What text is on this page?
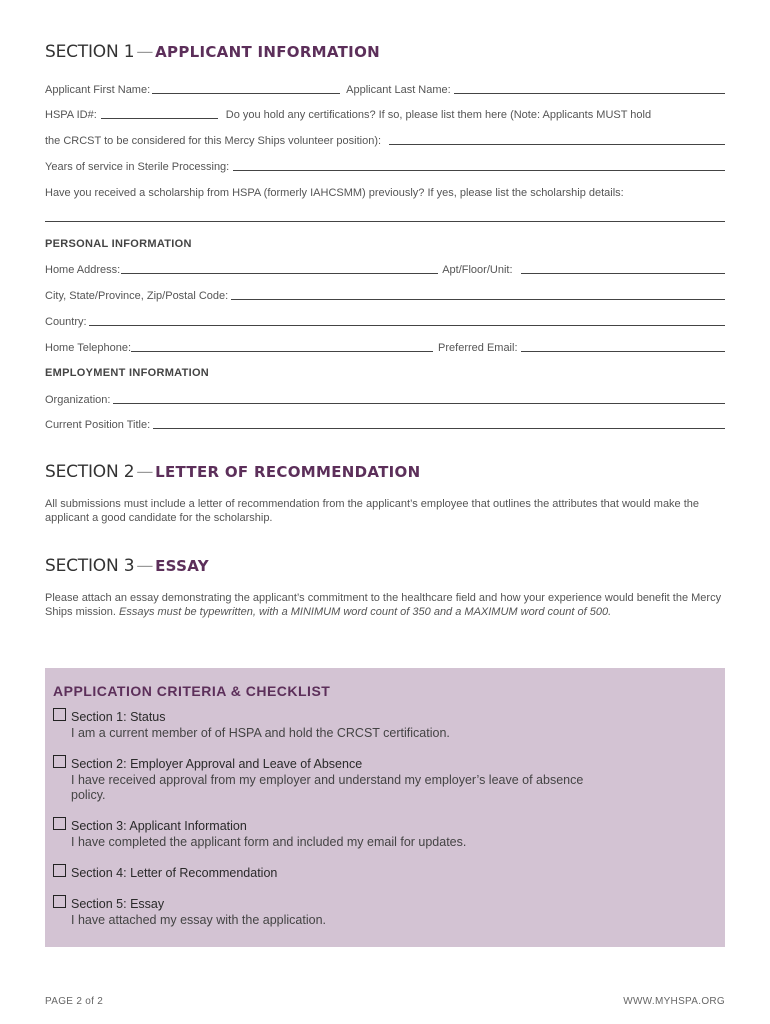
SECTION 1 — APPLICANT INFORMATION
Applicant First Name:	Applicant Last Name:
HSPA ID#:	Do you hold any certifications? If so, please list them here (Note: Applicants MUST hold
the CRCST to be considered for this Mercy Ships volunteer position):
Years of service in Sterile Processing:
Have you received a scholarship from HSPA (formerly IAHCSMM) previously? If yes, please list the scholarship details:
PERSONAL INFORMATION
Home Address:	Apt/Floor/Unit:
City, State/Province, Zip/Postal Code:
Country:
Home Telephone:	Preferred Email:
EMPLOYMENT INFORMATION
Organization:
Current Position Title:
SECTION 2 — LETTER OF RECOMMENDATION
All submissions must include a letter of recommendation from the applicant’s employee that outlines the attributes that would make the applicant a good candidate for the scholarship.
SECTION 3 — ESSAY
Please attach an essay demonstrating the applicant’s commitment to the healthcare field and how your experience would benefit the Mercy Ships mission. Essays must be typewritten, with a MINIMUM word count of 350 and a MAXIMUM word count of 500.
APPLICATION CRITERIA & CHECKLIST
Section 1: Status
I am a current member of of HSPA and hold the CRCST certification.
Section 2: Employer Approval and Leave of Absence
I have received approval from my employer and understand my employer’s leave of absence policy.
Section 3: Applicant Information
I have completed the applicant form and included my email for updates.
Section 4: Letter of Recommendation
Section 5: Essay
I have attached my essay with the application.
PAGE 2 of 2	WWW.MYHSPA.ORG
